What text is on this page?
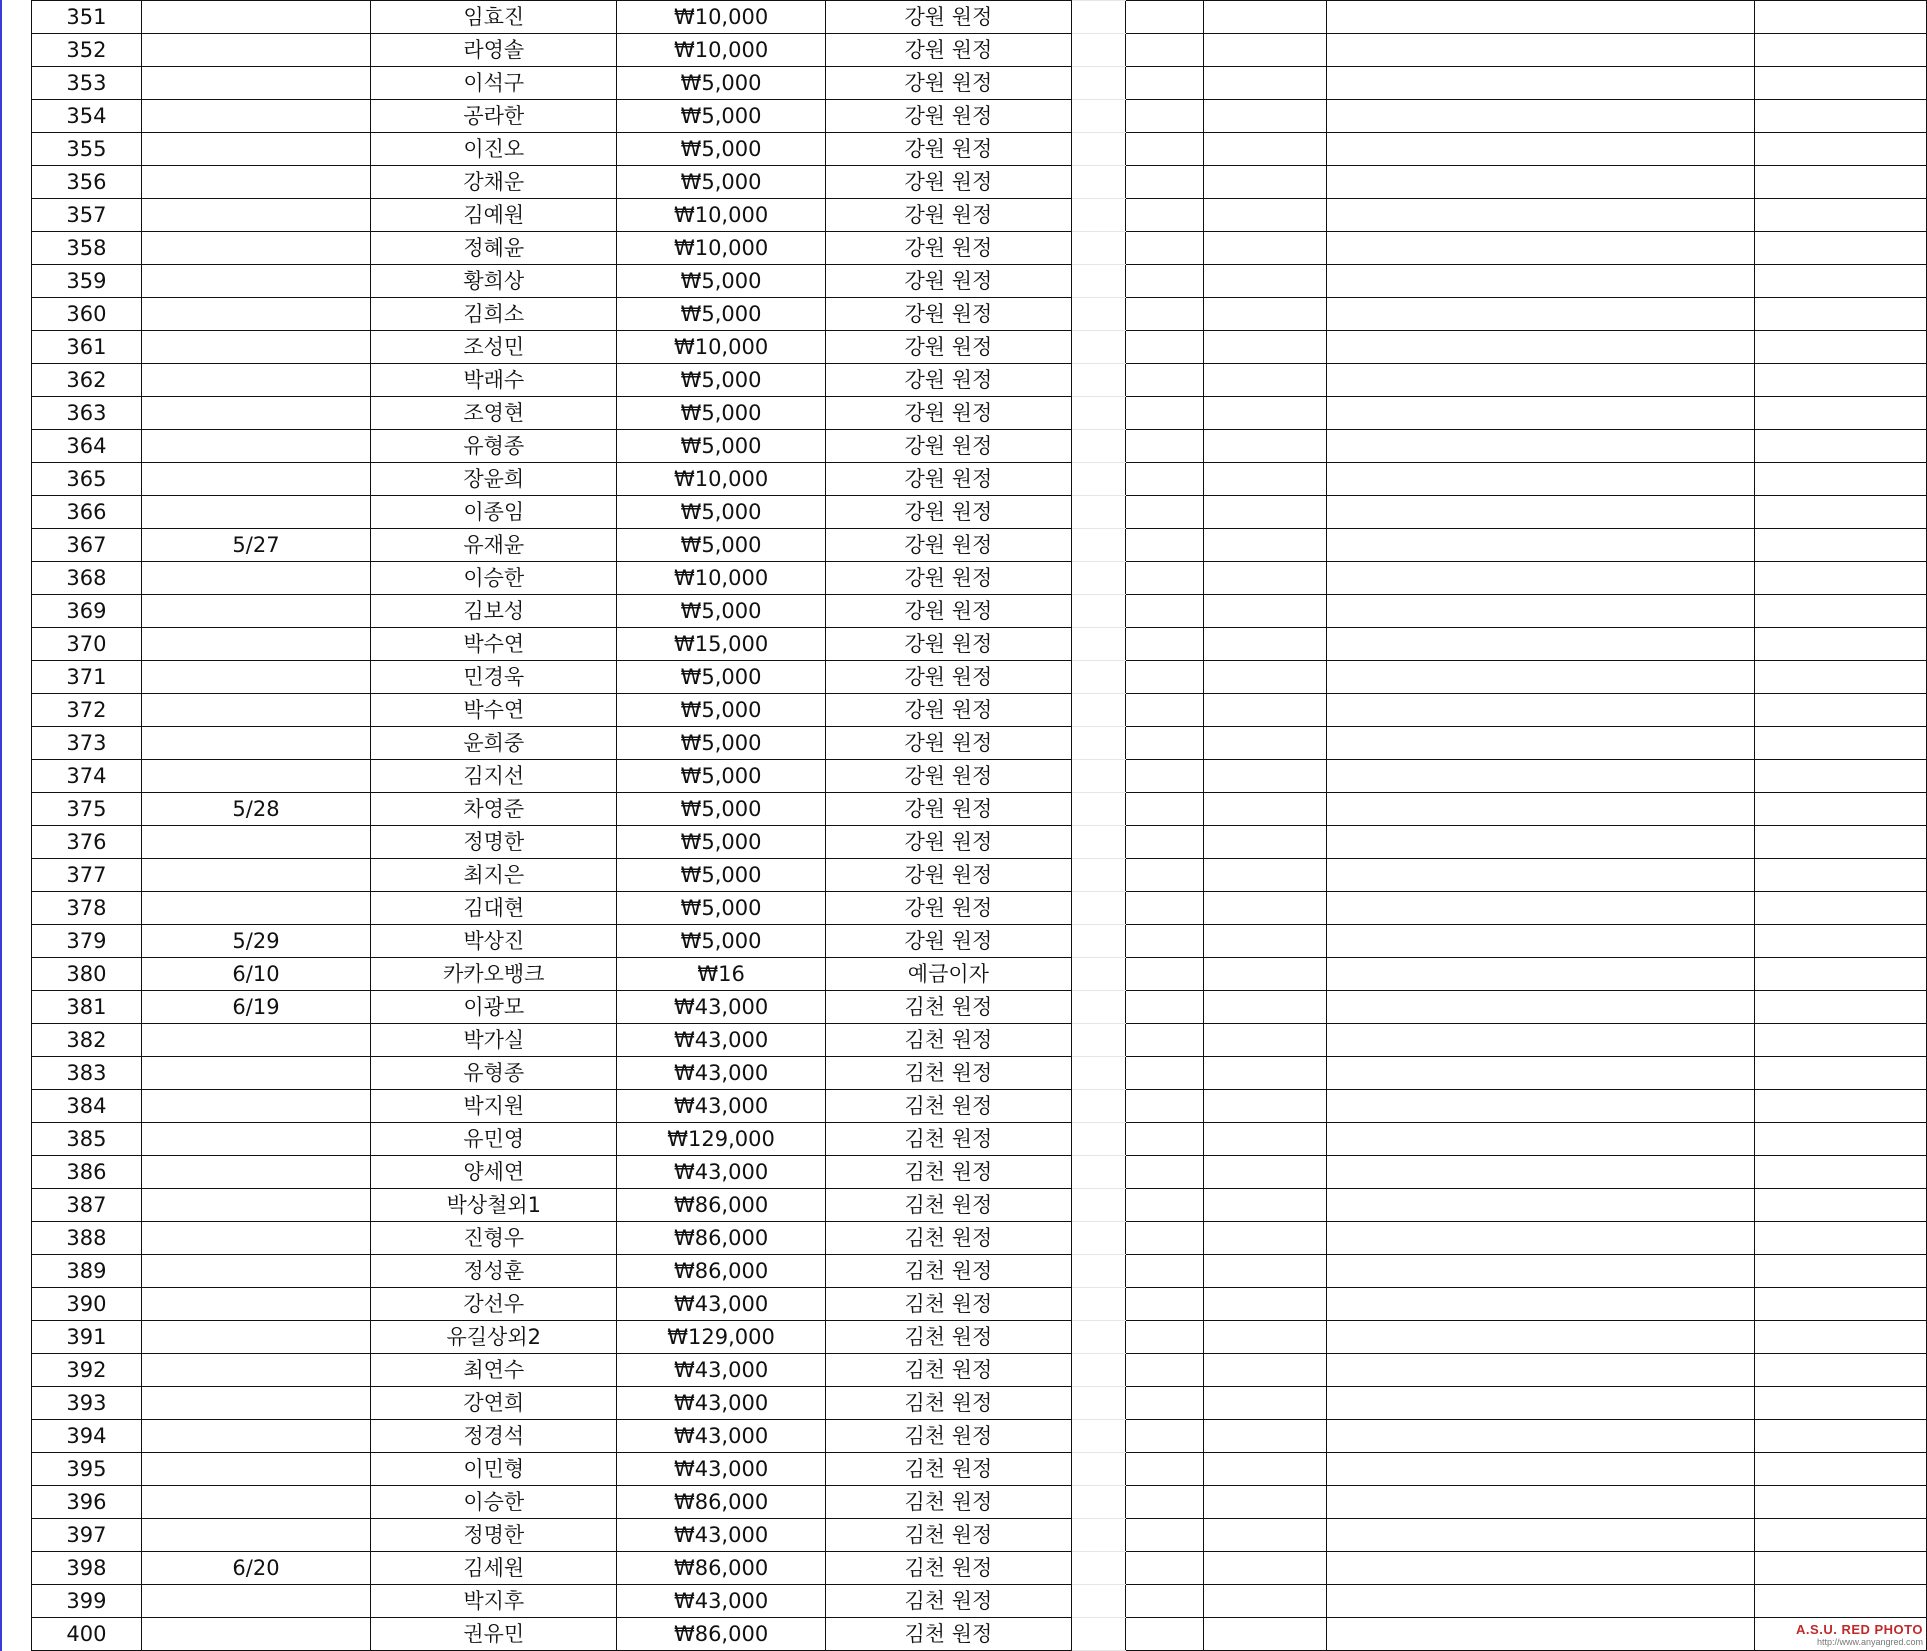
351		임효진	₩10,000	강원 원정					
352		라영솔	₩10,000	강원 원정					
353		이석구	₩5,000	강원 원정					
354		공라한	₩5,000	강원 원정					
355		이진오	₩5,000	강원 원정					
356		강채운	₩5,000	강원 원정					
357		김예원	₩10,000	강원 원정					
358		정혜윤	₩10,000	강원 원정					
359		황희상	₩5,000	강원 원정					
360		김희소	₩5,000	강원 원정					
361		조성민	₩10,000	강원 원정					
362		박래수	₩5,000	강원 원정					
363		조영현	₩5,000	강원 원정					
364		유형종	₩5,000	강원 원정					
365		장윤희	₩10,000	강원 원정					
366		이종임	₩5,000	강원 원정					
367	5/27	유재윤	₩5,000	강원 원정					
368		이승한	₩10,000	강원 원정					
369		김보성	₩5,000	강원 원정					
370		박수연	₩15,000	강원 원정					
371		민경욱	₩5,000	강원 원정					
372		박수연	₩5,000	강원 원정					
373		윤희중	₩5,000	강원 원정					
374		김지선	₩5,000	강원 원정					
375	5/28	차영준	₩5,000	강원 원정					
376		정명한	₩5,000	강원 원정					
377		최지은	₩5,000	강원 원정					
378		김대현	₩5,000	강원 원정					
379	5/29	박상진	₩5,000	강원 원정					
380	6/10	카카오뱅크	₩16	예금이자					
381	6/19	이광모	₩43,000	김천 원정					
382		박가실	₩43,000	김천 원정					
383		유형종	₩43,000	김천 원정					
384		박지원	₩43,000	김천 원정					
385		유민영	₩129,000	김천 원정					
386		양세연	₩43,000	김천 원정					
387		박상철외1	₩86,000	김천 원정					
388		진형우	₩86,000	김천 원정					
389		정성훈	₩86,000	김천 원정					
390		강선우	₩43,000	김천 원정					
391		유길상외2	₩129,000	김천 원정					
392		최연수	₩43,000	김천 원정					
393		강연희	₩43,000	김천 원정					
394		정경석	₩43,000	김천 원정					
395		이민형	₩43,000	김천 원정					
396		이승한	₩86,000	김천 원정					
397		정명한	₩43,000	김천 원정					
398	6/20	김세원	₩86,000	김천 원정					
399		박지후	₩43,000	김천 원정					
400		권유민	₩86,000	김천 원정						A.S.U. RED PHOTO
http://www.anyangred.com
